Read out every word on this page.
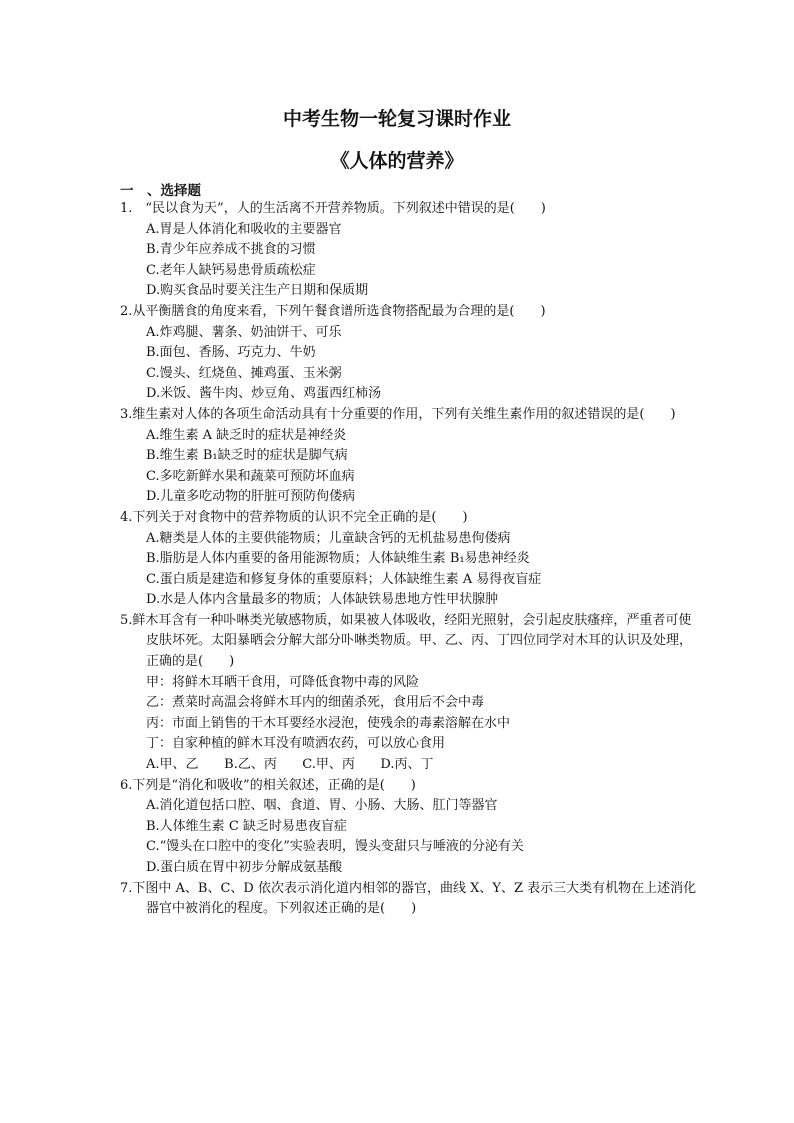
中考生物一轮复习课时作业
《人体的营养》
一　、选择题

1.　“民以食为天”，人的生活离不开营养物质。下列叙述中错误的是(　　)

A.胃是人体消化和吸收的主要器官
B.青少年应养成不挑食的习惯
C.老年人缺钙易患骨质疏松症
D.购买食品时要关注生产日期和保质期

2.从平衡膳食的角度来看，下列午餐食谱所选食物搭配最为合理的是(　　)

A.炸鸡腿、薯条、奶油饼干、可乐
B.面包、香肠、巧克力、牛奶
C.馒头、红烧鱼、摊鸡蛋、玉米粥
D.米饭、酱牛肉、炒豆角、鸡蛋西红柿汤

3.维生素对人体的各项生命活动具有十分重要的作用，下列有关维生素作用的叙述错误的是(　　)

A.维生素 A 缺乏时的症状是神经炎
B.维生素 B₁缺乏时的症状是脚气病
C.多吃新鲜水果和蔬菜可预防坏血病
D.儿童多吃动物的肝脏可预防佝偻病

4.下列关于对食物中的营养物质的认识不完全正确的是(　　)

A.糖类是人体的主要供能物质；儿童缺含钙的无机盐易患佝偻病
B.脂肪是人体内重要的备用能源物质；人体缺维生素 B₁易患神经炎
C.蛋白质是建造和修复身体的重要原料；人体缺维生素 A 易得夜盲症
D.水是人体内含量最多的物质；人体缺铁易患地方性甲状腺肿

5.鲜木耳含有一种卟啉类光敏感物质，如果被人体吸收，经阳光照射，会引起皮肤瘙痒，严重者可使皮肤坏死。太阳暴晒会分解大部分卟啉类物质。甲、乙、丙、丁四位同学对木耳的认识及处理，正确的是(　　)

甲：将鲜木耳晒干食用，可降低食物中毒的风险
乙：煮菜时高温会将鲜木耳内的细菌杀死，食用后不会中毒
丙：市面上销售的干木耳要经水浸泡，使残余的毒素溶解在水中
丁：自家种植的鲜木耳没有喷洒农药，可以放心食用
A.甲、乙 B.乙、丙 C.甲、丙 D.丙、丁

6.下列是“消化和吸收”的相关叙述，正确的是(　　)

A.消化道包括口腔、咽、食道、胃、小肠、大肠、肛门等器官
B.人体维生素 C 缺乏时易患夜盲症
C.“馒头在口腔中的变化”实验表明，馒头变甜只与唾液的分泌有关
D.蛋白质在胃中初步分解成氨基酸

7.下图中 A、B、C、D 依次表示消化道内相邻的器官，曲线 X、Y、Z 表示三大类有机物在上述消化器官中被消化的程度。下列叙述正确的是(　　)
